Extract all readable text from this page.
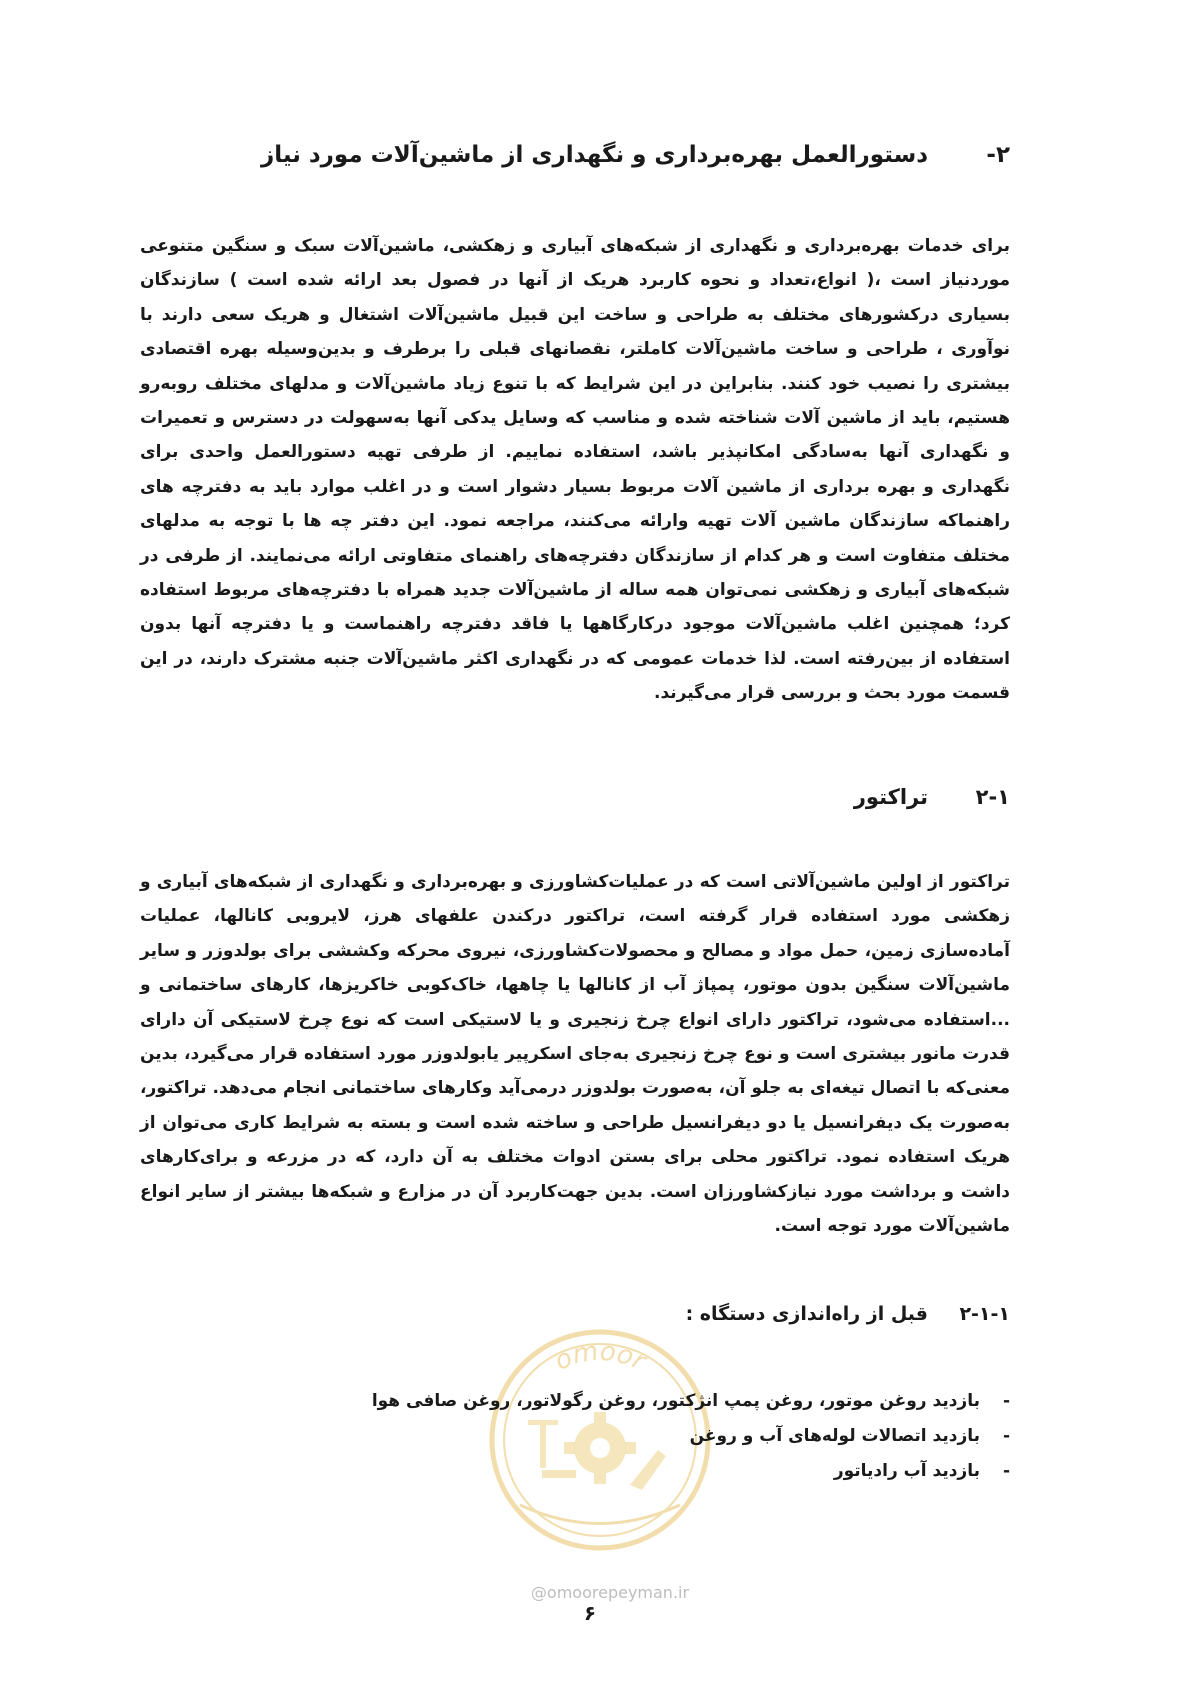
۲-
دستورالعمل بهره‌برداری و نگهداری از ماشین‌آلات مورد نیاز

برای خدمات بهره‌برداری و نگهداری از شبکه‌های آبیاری و زهکشی، ماشین‌آلات سبک و سنگین متنوعی موردنیاز است ،( انواع،تعداد و نحوه کاربرد هریک از آنها در فصول بعد ارائه شده است ) سازندگان بسیاری درکشورهای مختلف به طراحی و ساخت این قبیل ماشین‌آلات اشتغال و هریک سعی دارند با نوآوری ، طراحی و ساخت ماشین‌آلات کاملتر، نقصانهای قبلی را برطرف و بدین‌وسیله بهره اقتصادی بیشتری را نصیب خود کنند. بنابراین در این شرایط که با تنوع زیاد ماشین‌آلات و مدلهای مختلف روبه‌رو هستیم، باید از ماشین آلات شناخته شده و مناسب که وسایل یدکی آنها به‌سهولت در دسترس و تعمیرات و نگهداری آنها به‌سادگی امکانپذیر باشد، استفاده نماییم. از طرفی تهیه دستورالعمل واحدی برای نگهداری و بهره برداری از ماشین آلات مربوط بسیار دشوار است و در اغلب موارد باید به دفترچه های راهنماکه سازندگان ماشین آلات تهیه وارائه می‌کنند، مراجعه نمود. این دفتر چه ها با توجه به مدلهای مختلف متفاوت است و هر کدام از سازندگان دفترچه‌های راهنمای متفاوتی ارائه می‌نمایند. از طرفی در شبکه‌های آبیاری و زهکشی نمی‌توان همه ساله از ماشین‌آلات جدید همراه با دفترچه‌های مربوط استفاده کرد؛ همچنین اغلب ماشین‌آلات موجود درکارگاهها یا فاقد دفترچه راهنماست و یا دفترچه آنها بدون استفاده از بین‌رفته است. لذا خدمات عمومی که در نگهداری اکثر ماشین‌آلات جنبه مشترک دارند، در این قسمت مورد بحث و بررسی قرار می‌گیرند.

۲-۱
تراکتور

تراکتور از اولین ماشین‌آلاتی است که در عملیات‌کشاورزی و بهره‌برداری و نگهداری از شبکه‌های آبیاری و زهکشی مورد استفاده قرار گرفته است، تراکتور درکندن علفهای هرز، لایروبی کانالها، عملیات آماده‌سازی زمین، حمل مواد و مصالح و محصولات‌کشاورزی، نیروی محرکه وکششی برای بولدوزر و سایر ماشین‌آلات سنگین بدون موتور، پمپاژ آب از کانالها یا چاهها، خاک‌کوبی خاکریزها، کارهای ساختمانی و ...استفاده می‌شود، تراکتور دارای انواع چرخ زنجیری و یا لاستیکی است که نوع چرخ لاستیکی آن دارای قدرت مانور بیشتری است و نوع چرخ زنجیری به‌جای اسکرپیر یابولدوزر مورد استفاده قرار می‌گیرد، بدین معنی‌که با اتصال تیغه‌ای به جلو آن، به‌صورت بولدوزر درمی‌آید وکارهای ساختمانی انجام می‌دهد. تراکتور، به‌صورت یک دیفرانسیل یا دو دیفرانسیل طراحی و ساخته شده است و بسته به شرایط کاری می‌توان از هریک استفاده نمود. تراکتور محلی برای بستن ادوات مختلف به آن دارد، که در مزرعه و برای‌کارهای داشت و برداشت مورد نیاز‌کشاورزان است. بدین جهت‌کاربرد آن در مزارع و شبکه‌ها بیشتر از سایر انواع ماشین‌آلات مورد توجه است.

۲-۱-۱
قبل از راه‌اندازی دستگاه :
omoor
-بازدید روغن موتور، روغن پمپ انژکتور، روغن رگولاتور، روغن صافی هوا
-بازدید اتصالات لوله‌های آب و روغن
-بازدید آب رادیاتور
@omoorepeyman.ir
۶
